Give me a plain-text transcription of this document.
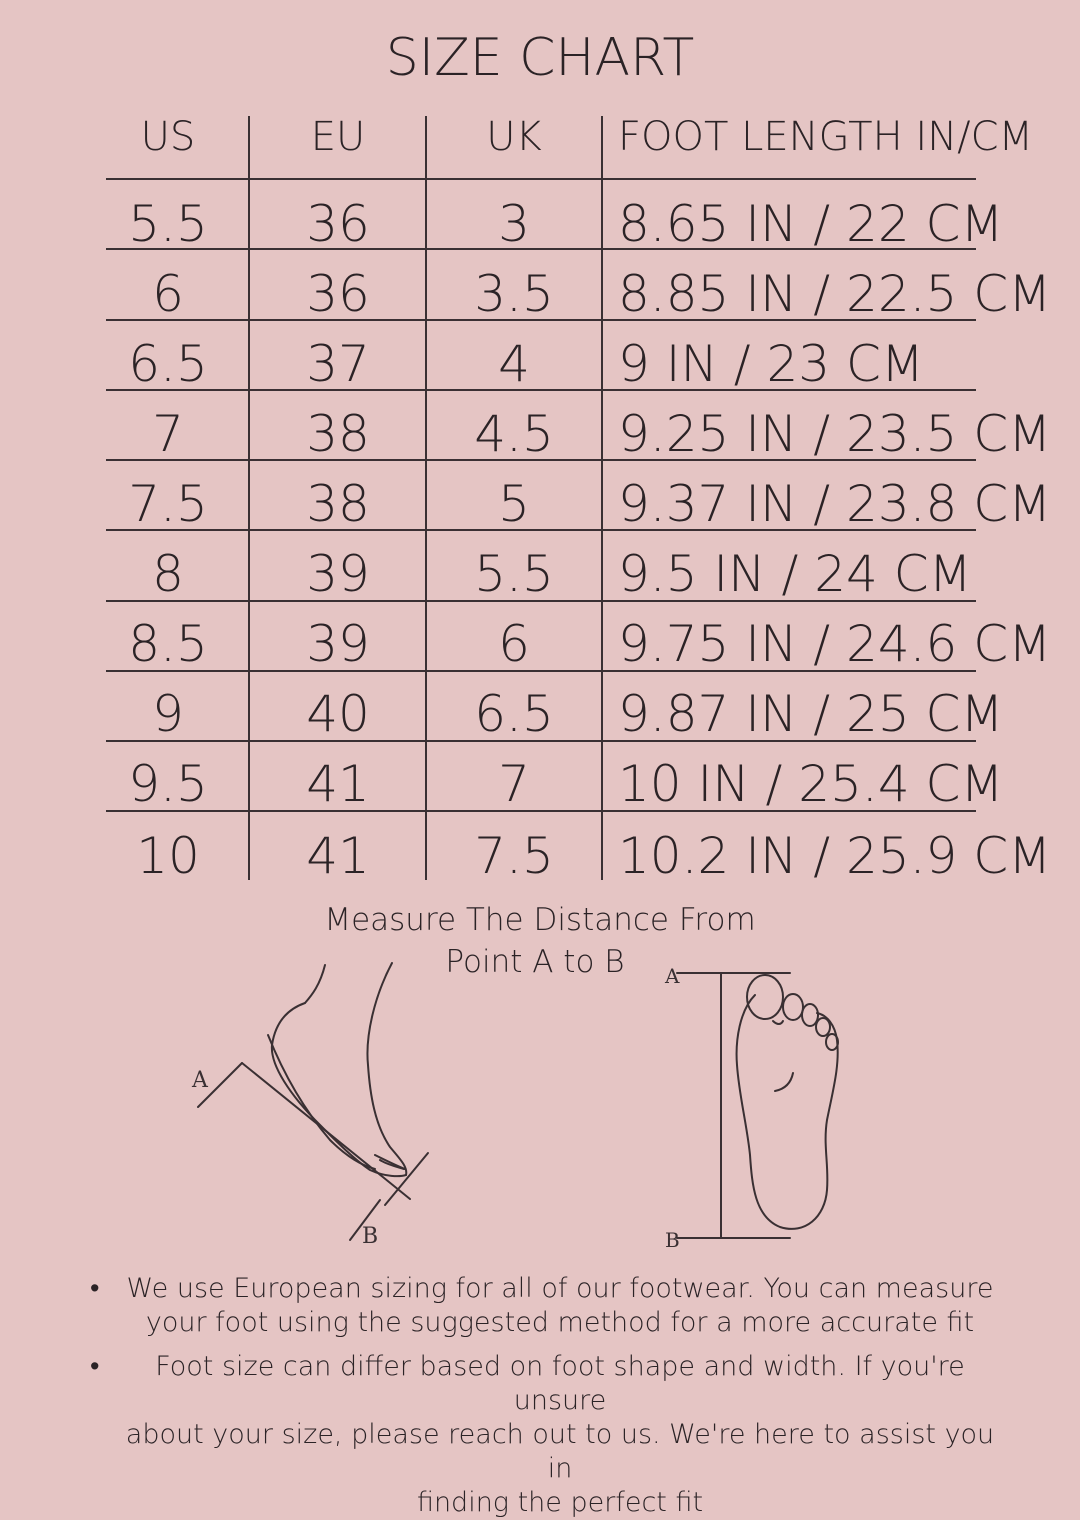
SIZE CHART
US	EU	UK	FOOT LENGTH IN/CM
5.5	36	3	8.65 IN / 22 CM
6	36	3.5	8.85 IN / 22.5 CM
6.5	37	4	9 IN / 23 CM
7	38	4.5	9.25 IN / 23.5 CM
7.5	38	5	9.37 IN / 23.8 CM
8	39	5.5	9.5 IN / 24 CM
8.5	39	6	9.75 IN / 24.6 CM
9	40	6.5	9.87 IN / 25 CM
9.5	41	7	10 IN / 25.4 CM
10	41	7.5	10.2 IN / 25.9 CM
Measure The Distance From
Point A to B
A
B
A
B
•	We use European sizing for all of our footwear. You can measure
your foot using the suggested method for a more accurate fit
•	Foot size can differ based on foot shape and width. If you're unsure
about your size, please reach out to us. We're here to assist you in
finding the perfect fit
